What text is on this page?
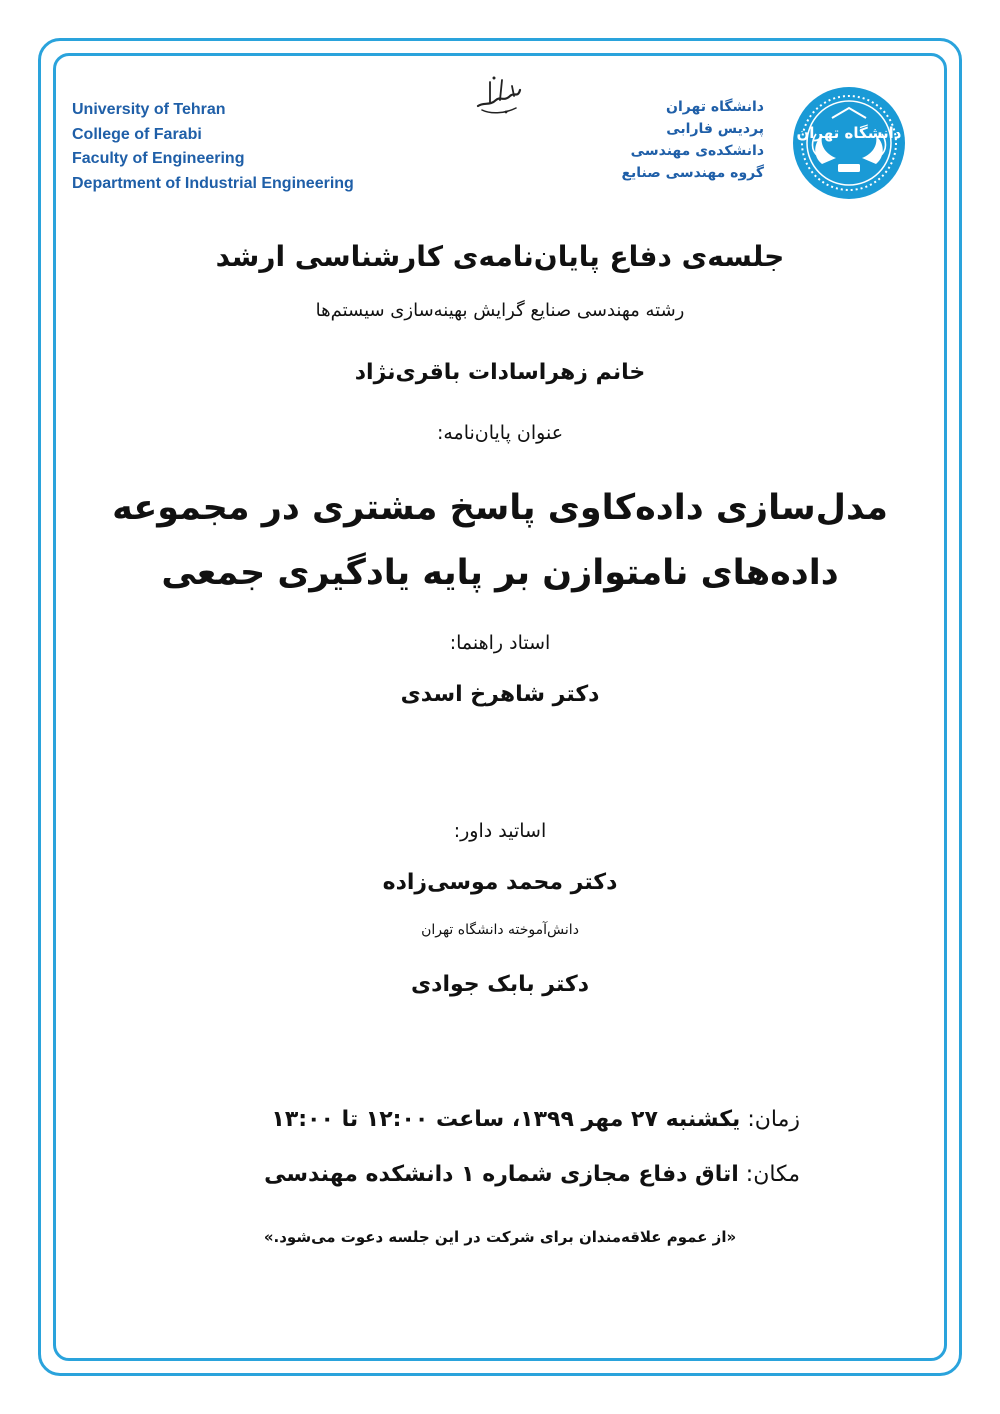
University of Tehran
College of Farabi
Faculty of Engineering
Department of Industrial Engineering
دانشگاه تهران
پردیس فارابی
دانشکده‌ی مهندسی
گروه مهندسی صنایع
دانشگاه تهران
جلسه‌ی دفاع پایان‌نامه‌ی کارشناسی ارشد
رشته مهندسی صنایع گرایش بهینه‌سازی سیستم‌ها
خانم زهراسادات باقری‌نژاد
عنوان پایان‌نامه:
مدل‌سازی داده‌کاوی پاسخ مشتری در مجموعه
داده‌های نامتوازن بر پایه یادگیری جمعی
استاد راهنما:
دکتر شاهرخ اسدی
اساتید داور:
دکتر محمد موسی‌زاده
دانش‌آموخته دانشگاه تهران
دکتر بابک جوادی
زمان: یکشنبه ۲۷ مهر ۱۳۹۹، ساعت ۱۲:۰۰ تا ۱۳:۰۰
مکان: اتاق دفاع مجازی شماره ۱ دانشکده مهندسی
«از عموم علاقه‌مندان برای شرکت در این جلسه دعوت می‌شود.»
